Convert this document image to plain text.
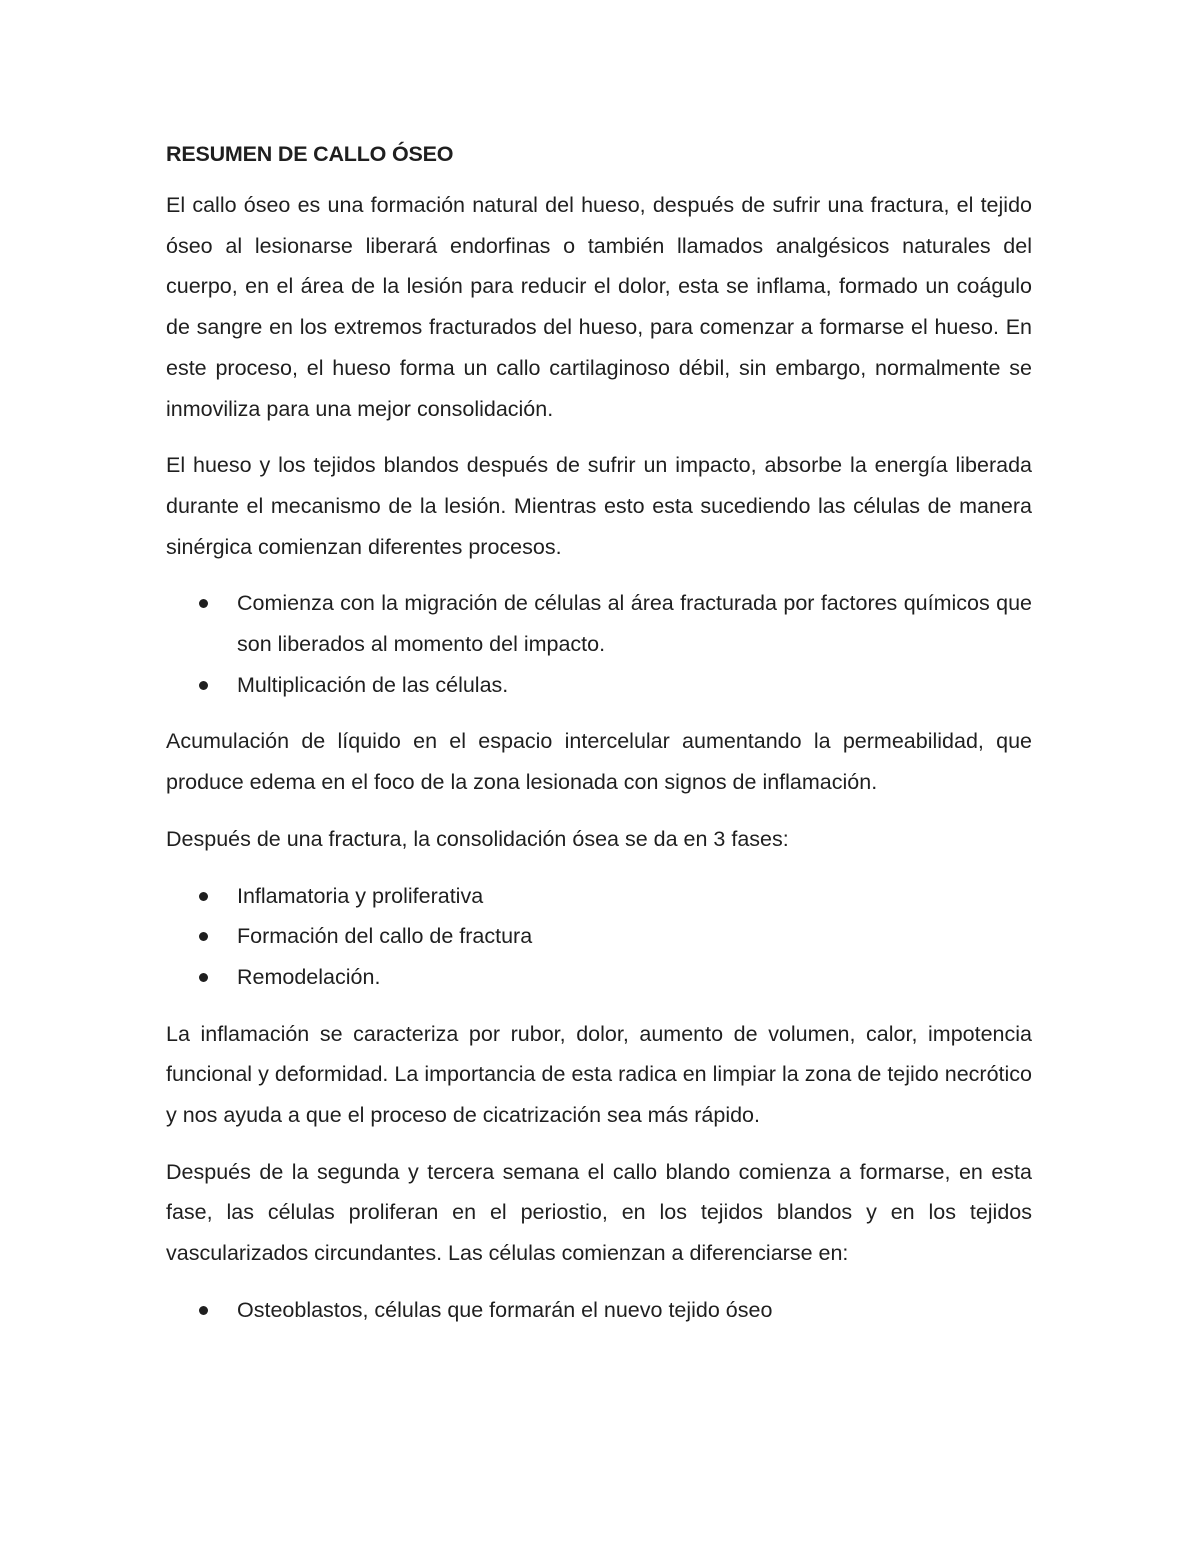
RESUMEN DE CALLO ÓSEO

El callo óseo es una formación natural del hueso, después de sufrir una fractura, el tejido óseo al lesionarse liberará endorfinas o también llamados analgésicos naturales del cuerpo, en el área de la lesión para reducir el dolor, esta se inflama, formado un coágulo de sangre en los extremos fracturados del hueso, para comenzar a formarse el hueso. En este proceso, el hueso forma un callo cartilaginoso débil, sin embargo, normalmente se inmoviliza para una mejor consolidación.

El hueso y los tejidos blandos después de sufrir un impacto, absorbe la energía liberada durante el mecanismo de la lesión. Mientras esto esta sucediendo las células de manera sinérgica comienzan diferentes procesos.

Comienza con la migración de células al área fracturada por factores químicos que son liberados al momento del impacto.
Multiplicación de las células.

Acumulación de líquido en el espacio intercelular aumentando la permeabilidad, que produce edema en el foco de la zona lesionada con signos de inflamación.

Después de una fractura, la consolidación ósea se da en 3 fases:

Inflamatoria y proliferativa
Formación del callo de fractura
Remodelación.

La inflamación se caracteriza por rubor, dolor, aumento de volumen, calor, impotencia funcional y deformidad. La importancia de esta radica en limpiar la zona de tejido necrótico y nos ayuda a que el proceso de cicatrización sea más rápido.

Después de la segunda y tercera semana el callo blando comienza a formarse, en esta fase, las células proliferan en el periostio, en los tejidos blandos y en los tejidos vascularizados circundantes. Las células comienzan a diferenciarse en:

Osteoblastos, células que formarán el nuevo tejido óseo
